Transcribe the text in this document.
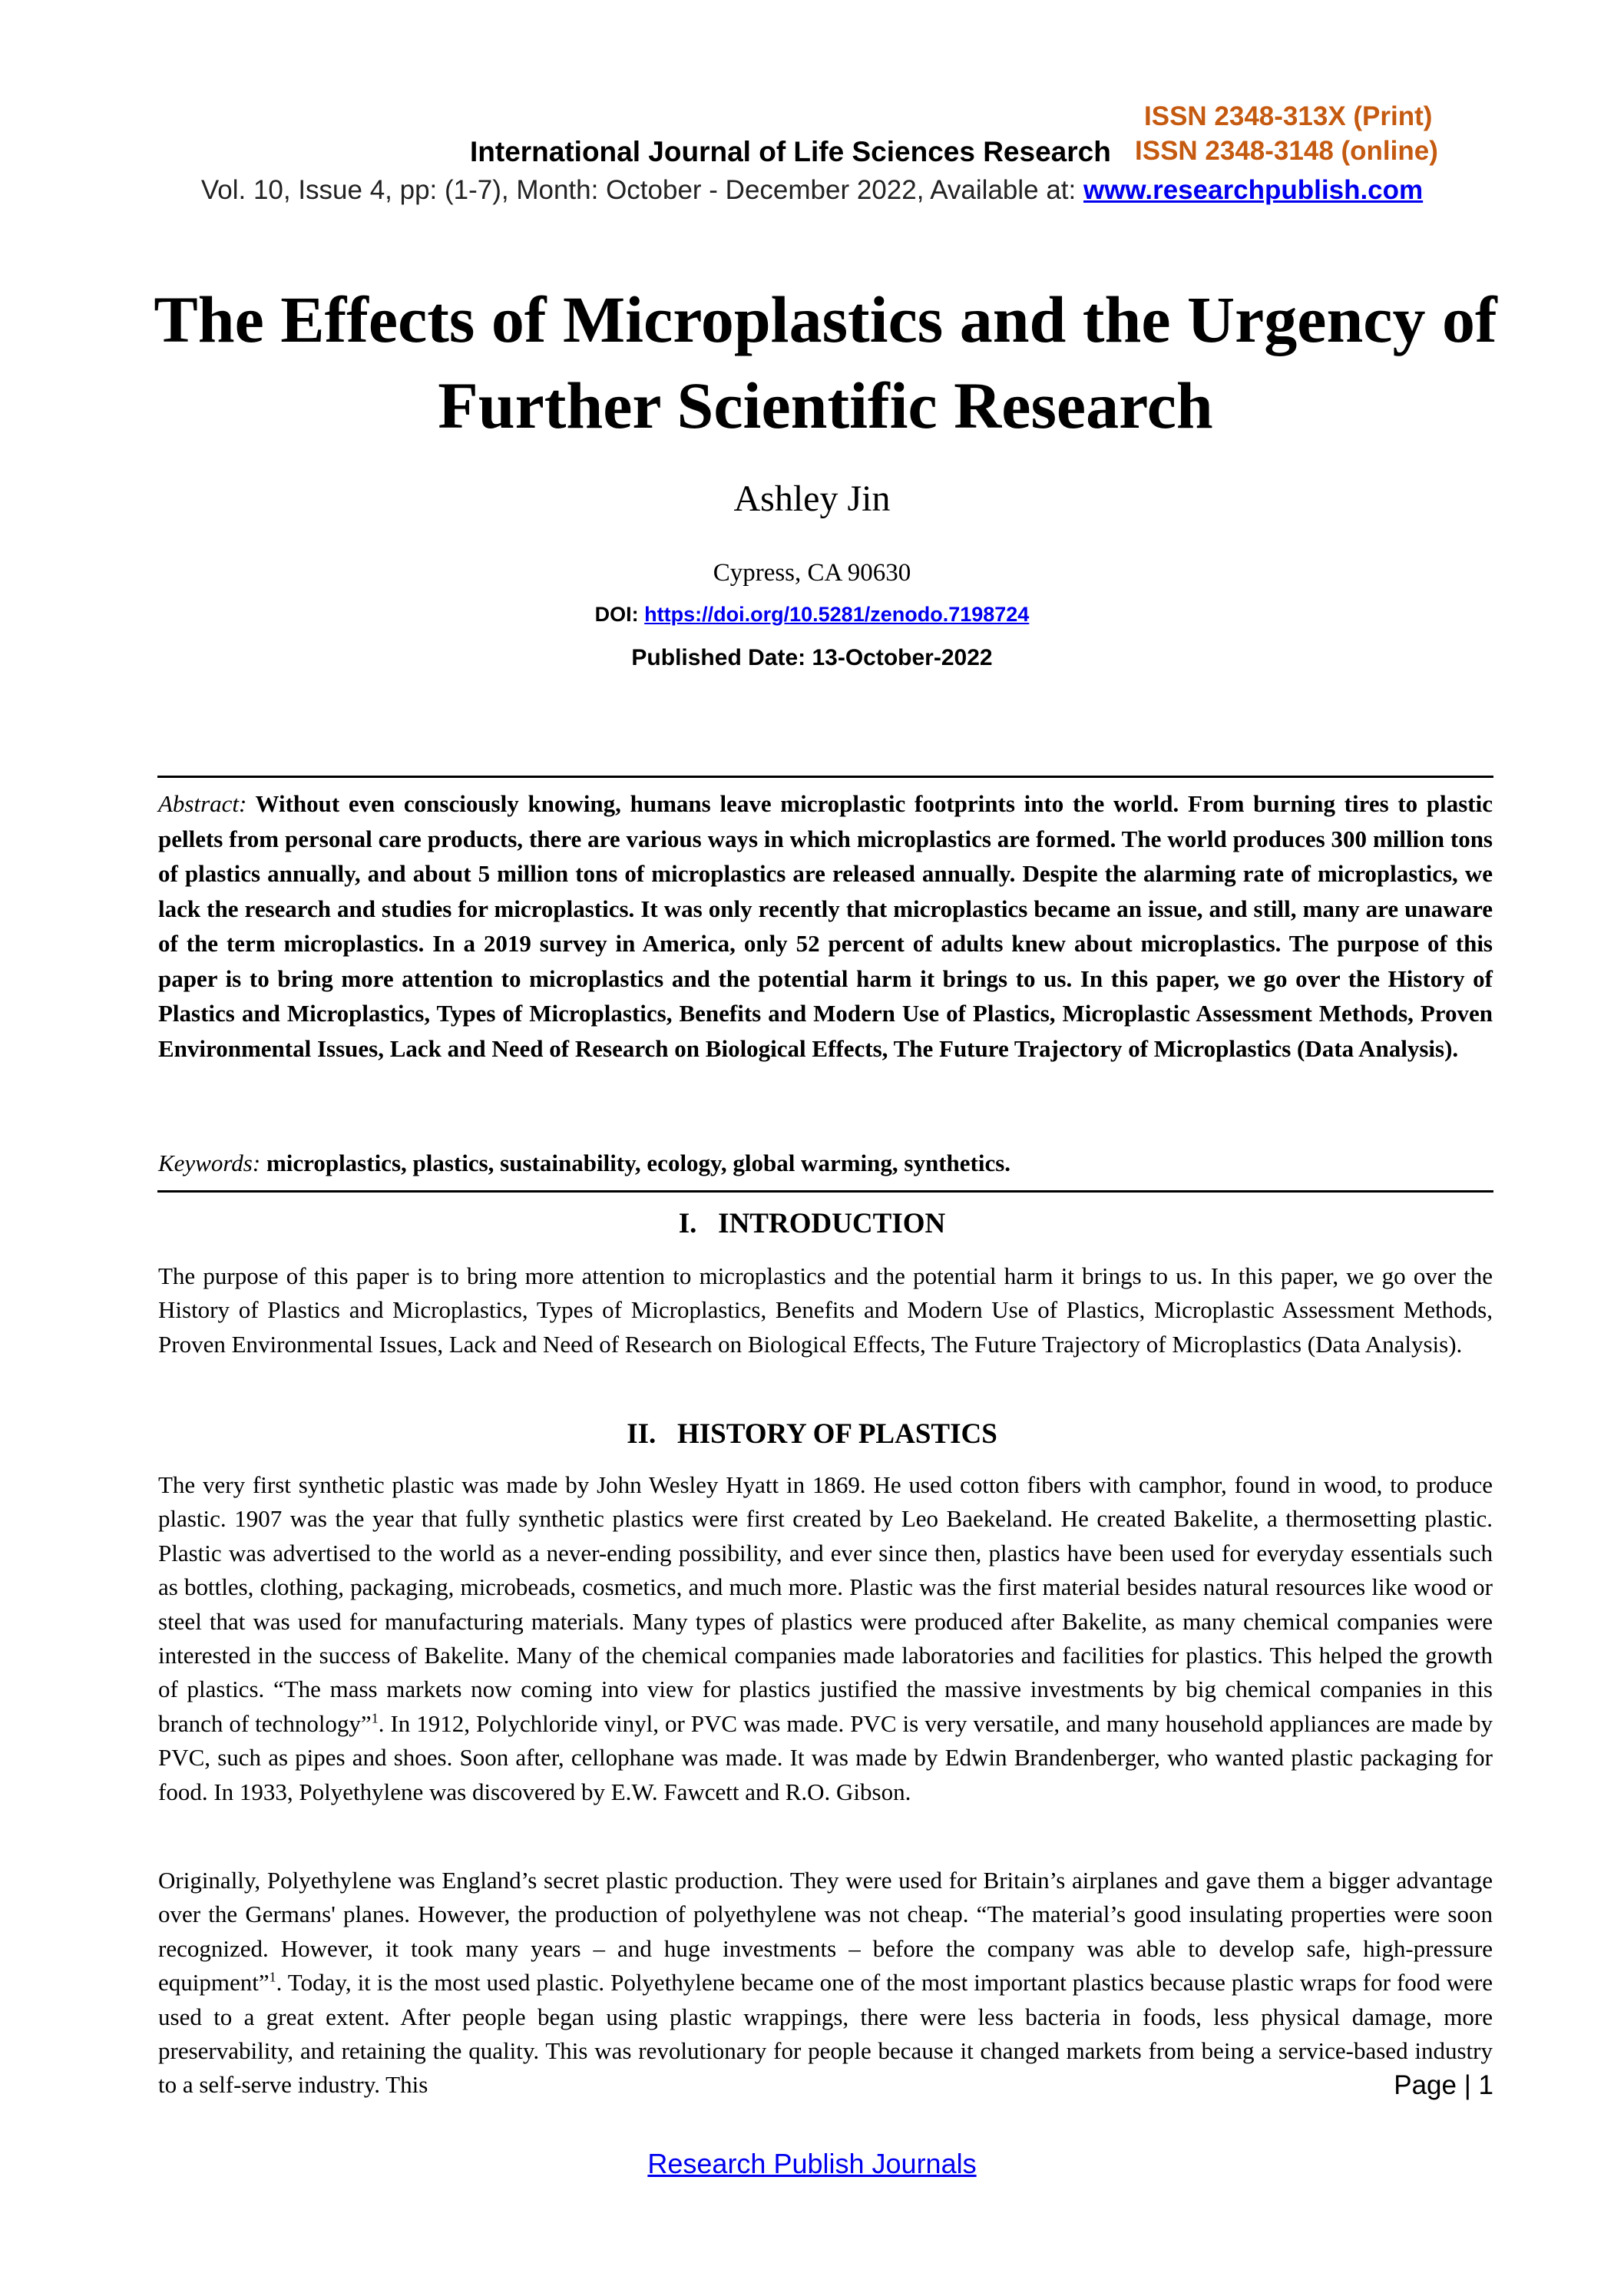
ISSN 2348-313X (Print)
International Journal of Life Sciences Research ISSN 2348-3148 (online)
Vol. 10, Issue 4, pp: (1-7), Month: October - December 2022, Available at: www.researchpublish.com
The Effects of Microplastics and the Urgency of Further Scientific Research
Ashley Jin
Cypress, CA 90630
DOI: https://doi.org/10.5281/zenodo.7198724
Published Date: 13-October-2022
Abstract: Without even consciously knowing, humans leave microplastic footprints into the world. From burning tires to plastic pellets from personal care products, there are various ways in which microplastics are formed. The world produces 300 million tons of plastics annually, and about 5 million tons of microplastics are released annually. Despite the alarming rate of microplastics, we lack the research and studies for microplastics. It was only recently that microplastics became an issue, and still, many are unaware of the term microplastics. In a 2019 survey in America, only 52 percent of adults knew about microplastics. The purpose of this paper is to bring more attention to microplastics and the potential harm it brings to us. In this paper, we go over the History of Plastics and Microplastics, Types of Microplastics, Benefits and Modern Use of Plastics, Microplastic Assessment Methods, Proven Environmental Issues, Lack and Need of Research on Biological Effects, The Future Trajectory of Microplastics (Data Analysis).
Keywords: microplastics, plastics, sustainability, ecology, global warming, synthetics.
I.   INTRODUCTION
The purpose of this paper is to bring more attention to microplastics and the potential harm it brings to us. In this paper, we go over the History of Plastics and Microplastics, Types of Microplastics, Benefits and Modern Use of Plastics, Microplastic Assessment Methods, Proven Environmental Issues, Lack and Need of Research on Biological Effects, The Future Trajectory of Microplastics (Data Analysis).
II.   HISTORY OF PLASTICS
The very first synthetic plastic was made by John Wesley Hyatt in 1869. He used cotton fibers with camphor, found in wood, to produce plastic. 1907 was the year that fully synthetic plastics were first created by Leo Baekeland. He created Bakelite, a thermosetting plastic. Plastic was advertised to the world as a never-ending possibility, and ever since then, plastics have been used for everyday essentials such as bottles, clothing, packaging, microbeads, cosmetics, and much more. Plastic was the first material besides natural resources like wood or steel that was used for manufacturing materials. Many types of plastics were produced after Bakelite, as many chemical companies were interested in the success of Bakelite. Many of the chemical companies made laboratories and facilities for plastics. This helped the growth of plastics. “The mass markets now coming into view for plastics justified the massive investments by big chemical companies in this branch of technology”$^1$. In 1912, Polychloride vinyl, or PVC was made. PVC is very versatile, and many household appliances are made by PVC, such as pipes and shoes. Soon after, cellophane was made. It was made by Edwin Brandenberger, who wanted plastic packaging for food. In 1933, Polyethylene was discovered by E.W. Fawcett and R.O. Gibson.
Originally, Polyethylene was England’s secret plastic production. They were used for Britain’s airplanes and gave them a bigger advantage over the Germans' planes. However, the production of polyethylene was not cheap. “The material’s good insulating properties were soon recognized. However, it took many years – and huge investments – before the company was able to develop safe, high-pressure equipment”$^1$. Today, it is the most used plastic. Polyethylene became one of the most important plastics because plastic wraps for food were used to a great extent. After people began using plastic wrappings, there were less bacteria in foods, less physical damage, more preservability, and retaining the quality. This was revolutionary for people because it changed markets from being a service-based industry to a self-serve industry. This	Page | 1
Research Publish Journals
